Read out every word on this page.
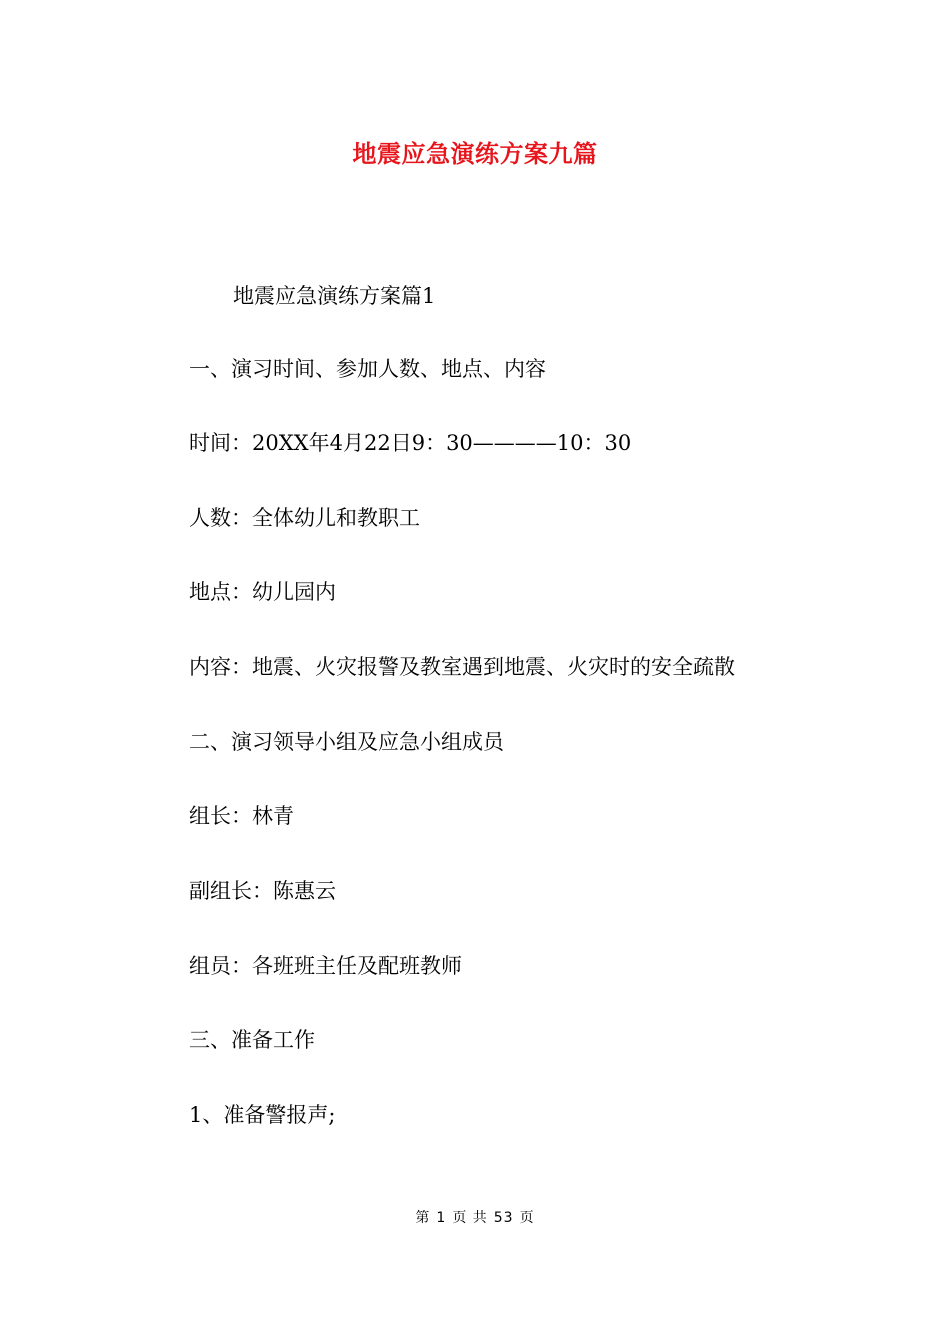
地震应急演练方案九篇
地震应急演练方案篇1
一、演习时间、参加人数、地点、内容
时间：20XX年4月22日9：30————10：30
人数：全体幼儿和教职工
地点：幼儿园内
内容：地震、火灾报警及教室遇到地震、火灾时的安全疏散
二、演习领导小组及应急小组成员
组长：林青
副组长：陈惠云
组员：各班班主任及配班教师
三、准备工作
1、准备警报声;
第 1 页 共 53 页
